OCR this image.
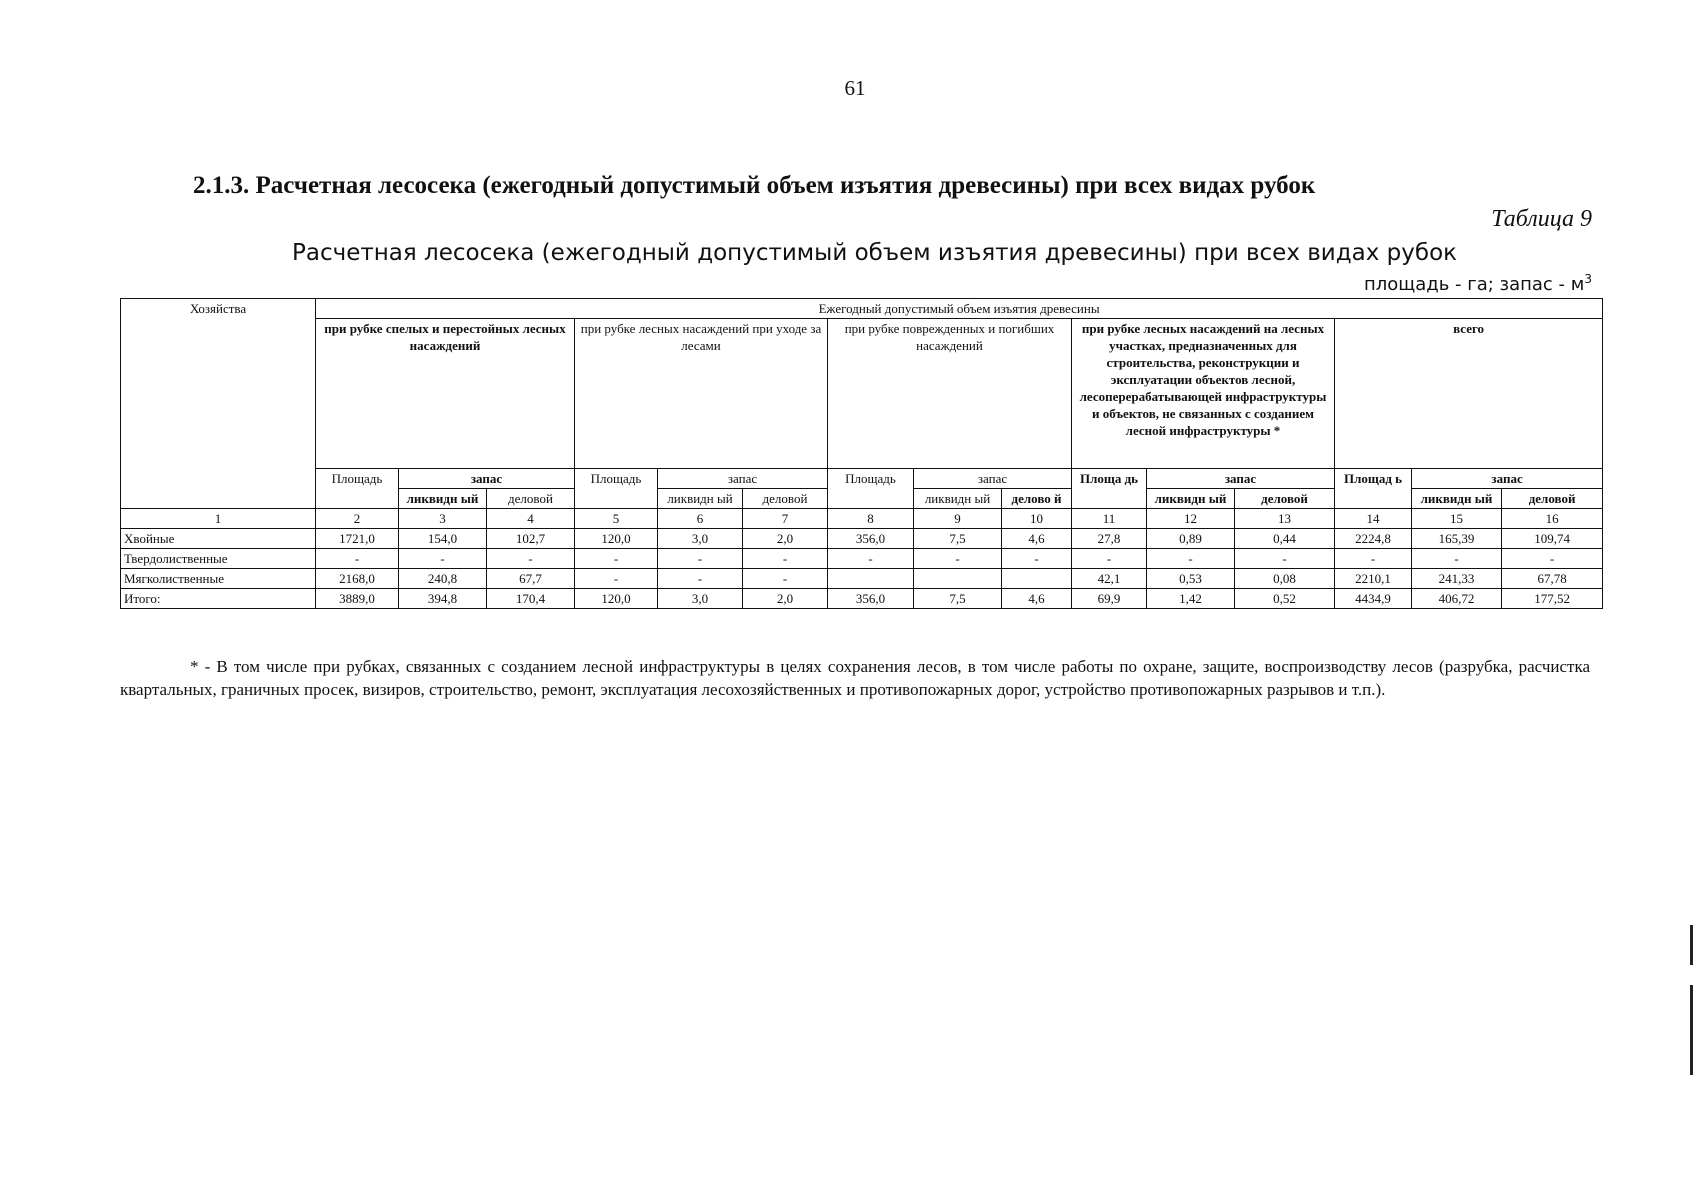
61
2.1.3. Расчетная лесосека (ежегодный допустимый объем изъятия древесины) при всех видах рубок
Таблица 9
Расчетная лесосека (ежегодный допустимый объем изъятия древесины) при всех видах рубок
площадь - га; запас - $м^3$
Хозяйства	Ежегодный допустимый объем изъятия древесины														
	при рубке спелых и перестойных лесных насаждений			при рубке лесных насаждений при уходе за лесами			при рубке поврежденных и погибших насаждений			при рубке лесных насаждений на лесных участках, предназначенных для строительства, реконструкции и эксплуатации объектов лесной, лесоперерабатывающей инфраструктуры и объектов, не связанных с созданием лесной инфраструктуры *			всего		
	Площадь	запас		Площадь	запас		Площадь	запас		Площа дь	запас		Площад ь	запас	
		ликвидн ый	деловой		ликвидн ый	деловой		ликвидн ый	делово й		ликвидн ый	деловой		ликвидн ый	деловой
1	2	3	4	5	6	7	8	9	10	11	12	13	14	15	16
Хвойные	1721,0	154,0	102,7	120,0	3,0	2,0	356,0	7,5	4,6	27,8	0,89	0,44	2224,8	165,39	109,74
Твердолиственные	-	-	-	-	-	-	-	-	-	-	-	-	-	-	-
Мягколиственные	2168,0	240,8	67,7	-	-	-				42,1	0,53	0,08	2210,1	241,33	67,78
Итого:	3889,0	394,8	170,4	120,0	3,0	2,0	356,0	7,5	4,6	69,9	1,42	0,52	4434,9	406,72	177,52
* - В том числе при рубках, связанных с созданием лесной инфраструктуры в целях сохранения лесов, в том числе работы по охране, защите, воспроизводству лесов (разрубка, расчистка квартальных, граничных просек, визиров, строительство, ремонт, эксплуатация лесохозяйственных и противопожарных дорог, устройство противопожарных разрывов и т.п.).
